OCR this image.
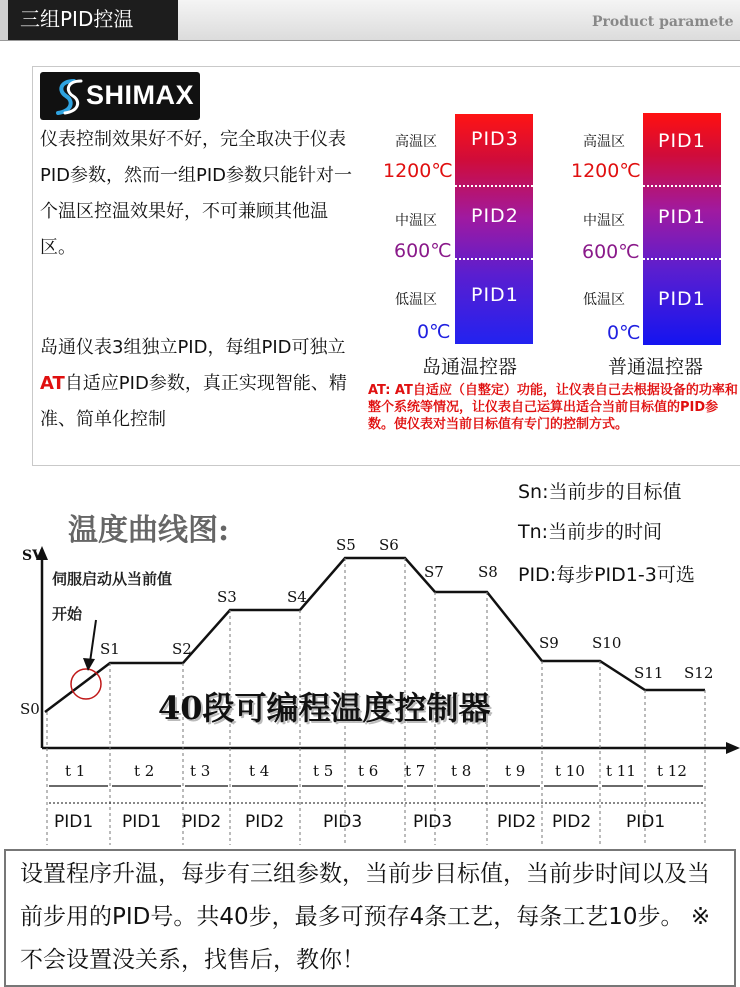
三组PID控温	Product paramete
SHIMAX
仪表控制效果好不好，完全取决于仪表PID参数，然而一组PID参数只能针对一个温区控温效果好，不可兼顾其他温区。
岛通仪表3组独立PID，每组PID可独立AT自适应PID参数，真正实现智能、精准、简单化控制
PID3
PID2
PID1
高温区
中温区
低温区
1200℃
600℃
0℃
岛通温控器
PID1
PID1
PID1
高温区
中温区
低温区
1200℃
600℃
0℃
普通温控器
AT: AT自适应（自整定）功能，让仪表自己去根据设备的功率和整个系统等情况，让仪表自己运算出适合当前目标值的PID参数。使仪表对当前目标值有专门的控制方式。
温度曲线图:
Sn:当前步的目标值
Tn:当前步的时间
PID:每步PID1-3可选
SV
伺服启动从当前值开始
40段可编程温度控制器
S0
S1	S2
S3	S4
S5 S6
S7 S8
S9 S10
S11 S12
t 1	t 2 t 3	t 4	t 5 t 6 t 7 t 8 t 9 t 10 t 11 t 12
PID1 PID1 PID2 PID2 PID3	PID3	PID2 PID2 PID1
设置程序升温，每步有三组参数，当前步目标值，当前步时间以及当前步用的PID号。共40步，最多可预存4条工艺，每条工艺10步。 ※不会设置没关系，找售后，教你！
